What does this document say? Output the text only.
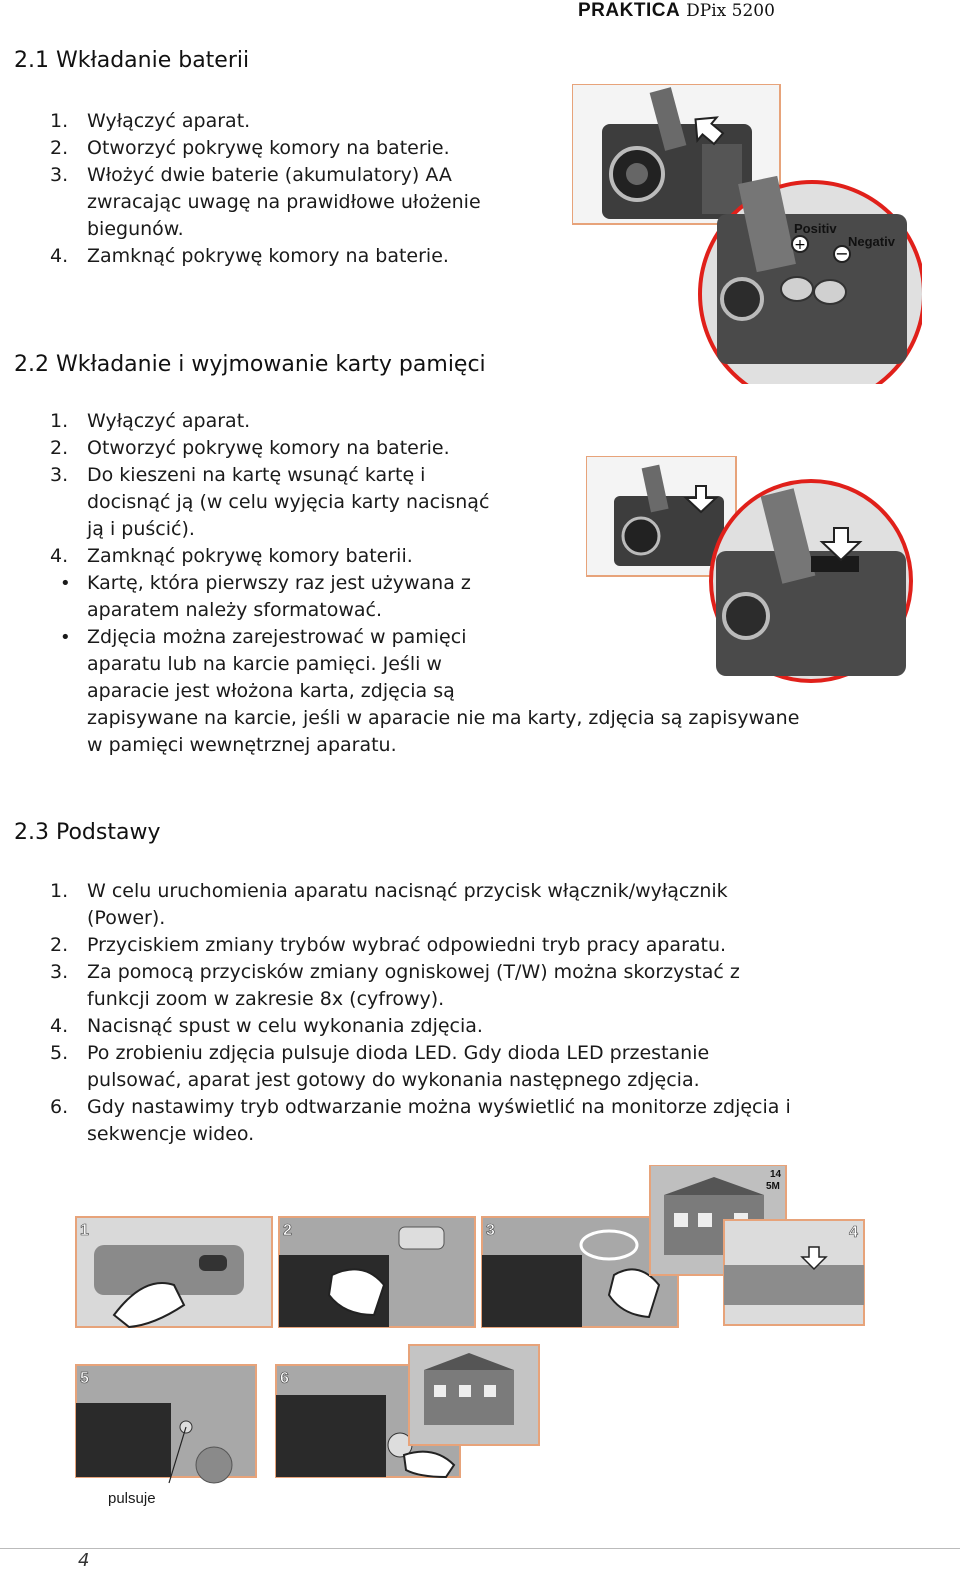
PRAKTICA DPix 5200
2.1 Wkładanie baterii
1. Wyłączyć aparat.
2. Otworzyć pokrywę komory na baterie.
3. Włożyć dwie baterie (akumulatory) AA
zwracając uwagę na prawidłowe ułożenie
biegunów.
4. Zamknąć pokrywę komory na baterie.	+ −
Positiv
Negativ
2.2 Wkładanie i wyjmowanie karty pamięci
1. Wyłączyć aparat.
2. Otworzyć pokrywę komory na baterie.
3. Do kieszeni na kartę wsunąć kartę i
docisnąć ją (w celu wyjęcia karty nacisnąć
ją i puścić).
4. Zamknąć pokrywę komory baterii.
• Kartę, która pierwszy raz jest używana z
aparatem należy sformatować.
• Zdjęcia można zarejestrować w pamięci
aparatu lub na karcie pamięci. Jeśli w
aparacie jest włożona karta, zdjęcia są
zapisywane na karcie, jeśli w aparacie nie ma karty, zdjęcia są zapisywane
w pamięci wewnętrznej aparatu.
2.3 Podstawy
1. W celu uruchomienia aparatu nacisnąć przycisk włącznik/wyłącznik
(Power).
2. Przyciskiem zmiany trybów wybrać odpowiedni tryb pracy aparatu.
3. Za pomocą przycisków zmiany ogniskowej (T/W) można skorzystać z
funkcji zoom w zakresie 8x (cyfrowy).
4. Nacisnąć spust w celu wykonania zdjęcia.
5. Po zrobieniu zdjęcia pulsuje dioda LED. Gdy dioda LED przestanie
pulsować, aparat jest gotowy do wykonania następnego zdjęcia.
6. Gdy nastawimy tryb odtwarzanie można wyświetlić na monitorze zdjęcia i
sekwencje wideo.
1	2	3
14
5M
4
5	6
pulsuje
4
